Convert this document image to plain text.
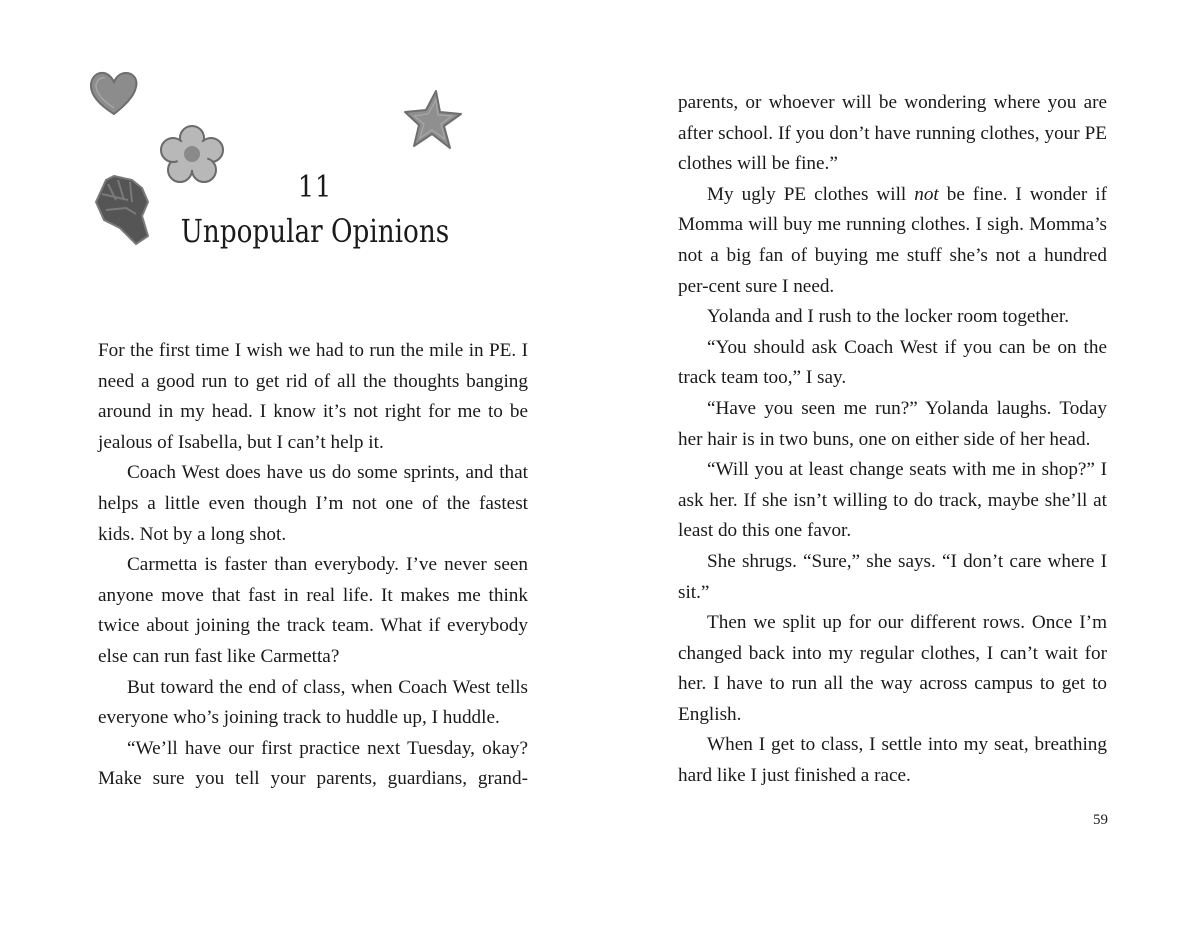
11
Unpopular Opinions

For the first time I wish we had to run the mile in PE. I need a good run to get rid of all the thoughts banging around in my head. I know it’s not right for me to be jealous of Isabella, but I can’t help it.

Coach West does have us do some sprints, and that helps a little even though I’m not one of the fastest kids. Not by a long shot.

Carmetta is faster than everybody. I’ve never seen anyone move that fast in real life. It makes me think twice about joining the track team. What if everybody else can run fast like Carmetta?

But toward the end of class, when Coach West tells everyone who’s joining track to huddle up, I huddle.

“We’ll have our first practice next Tuesday, okay? Make sure you tell your parents, guardians, grand-

parents, or whoever will be wondering where you are after school. If you don’t have running clothes, your PE clothes will be fine.”

My ugly PE clothes will not be fine. I wonder if Momma will buy me running clothes. I sigh. Momma’s not a big fan of buying me stuff she’s not a hundred per-cent sure I need.

Yolanda and I rush to the locker room together.

“You should ask Coach West if you can be on the track team too,” I say.

“Have you seen me run?” Yolanda laughs. Today her hair is in two buns, one on either side of her head.

“Will you at least change seats with me in shop?” I ask her. If she isn’t willing to do track, maybe she’ll at least do this one favor.

She shrugs. “Sure,” she says. “I don’t care where I sit.”

Then we split up for our different rows. Once I’m changed back into my regular clothes, I can’t wait for her. I have to run all the way across campus to get to English.

When I get to class, I settle into my seat, breathing hard like I just finished a race.

59
